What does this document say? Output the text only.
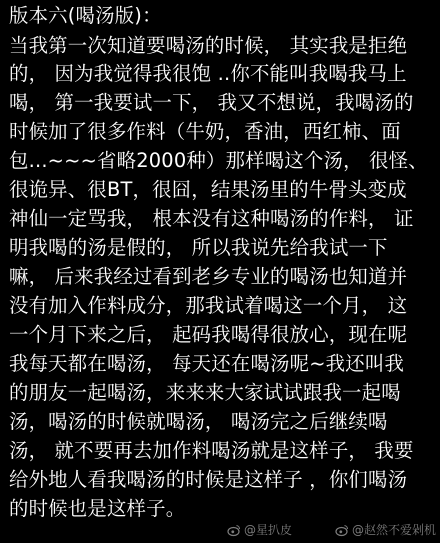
版本六(喝汤版)：
当我第一次知道要喝汤的时候， 其实我是拒绝
的， 因为我觉得我很饱 ..你不能叫我喝我马上
喝， 第一我要试一下， 我又不想说，我喝汤的
时候加了很多作料（牛奶，香油，西红柿、面
包...~~~省略2000种）那样喝这个汤， 很怪、
很诡异、很BT，很囧，结果汤里的牛骨头变成
神仙一定骂我， 根本没有这种喝汤的作料， 证
明我喝的汤是假的， 所以我说先给我试一下
嘛， 后来我经过看到老乡专业的喝汤也知道并
没有加入作料成分，那我试着喝这一个月， 这
一个月下来之后， 起码我喝得很放心，现在呢
我每天都在喝汤， 每天还在喝汤呢~我还叫我
的朋友一起喝汤，来来来大家试试跟我一起喝
汤，喝汤的时候就喝汤， 喝汤完之后继续喝
汤， 就不要再去加作料喝汤就是这样子， 我要
给外地人看我喝汤的时候是这样子 ，你们喝汤
的时候也是这样子。
@星扒皮	@赵然不爱剁机
